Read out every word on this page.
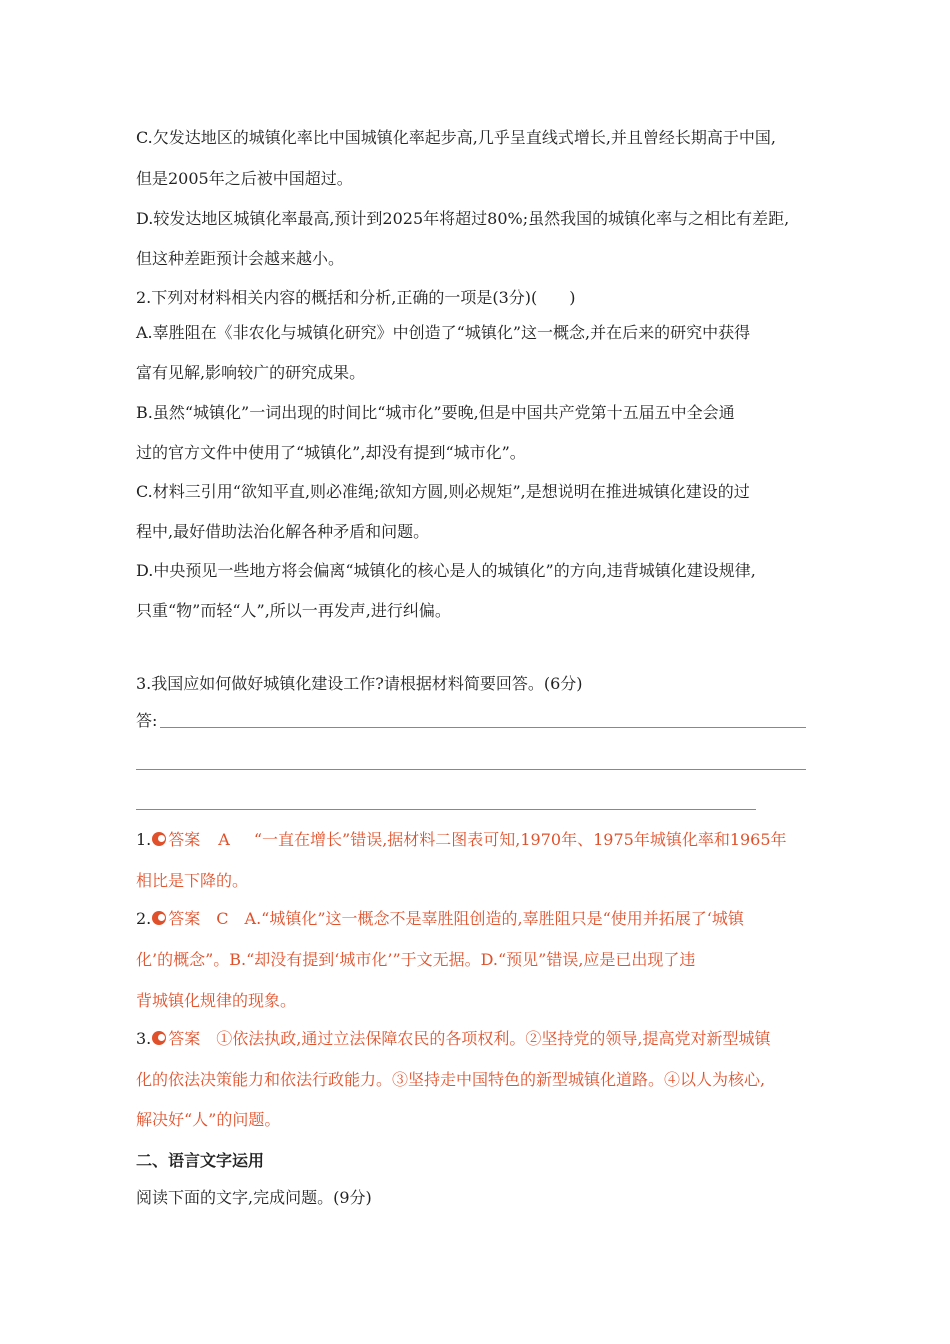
C.欠发达地区的城镇化率比中国城镇化率起步高,几乎呈直线式增长,并且曾经长期高于中国,
但是2005年之后被中国超过。
D.较发达地区城镇化率最高,预计到2025年将超过80%;虽然我国的城镇化率与之相比有差距,
但这种差距预计会越来越小。
2.下列对材料相关内容的概括和分析,正确的一项是(3分)(　　)
A.辜胜阻在《非农化与城镇化研究》中创造了“城镇化”这一概念,并在后来的研究中获得
富有见解,影响较广的研究成果。
B.虽然“城镇化”一词出现的时间比“城市化”要晚,但是中国共产党第十五届五中全会通
过的官方文件中使用了“城镇化”,却没有提到“城市化”。
C.材料三引用“欲知平直,则必准绳;欲知方圆,则必规矩”,是想说明在推进城镇化建设的过
程中,最好借助法治化解各种矛盾和问题。
D.中央预见一些地方将会偏离“城镇化的核心是人的城镇化”的方向,违背城镇化建设规律,
只重“物”而轻“人”,所以一再发声,进行纠偏。
3.我国应如何做好城镇化建设工作?请根据材料简要回答。(6分)
答:
1. 答案 A “一直在增长”错误,据材料二图表可知,1970年、1975年城镇化率和1965年
相比是下降的。
2. 答案 C A.“城镇化”这一概念不是辜胜阻创造的,辜胜阻只是“使用并拓展了‘城镇
化’的概念”。B.“却没有提到‘城市化’”于文无据。D.“预见”错误,应是已出现了违
背城镇化规律的现象。
3. 答案 ①依法执政,通过立法保障农民的各项权利。②坚持党的领导,提高党对新型城镇
化的依法决策能力和依法行政能力。③坚持走中国特色的新型城镇化道路。④以人为核心,
解决好“人”的问题。
二、语言文字运用
阅读下面的文字,完成问题。(9分)
